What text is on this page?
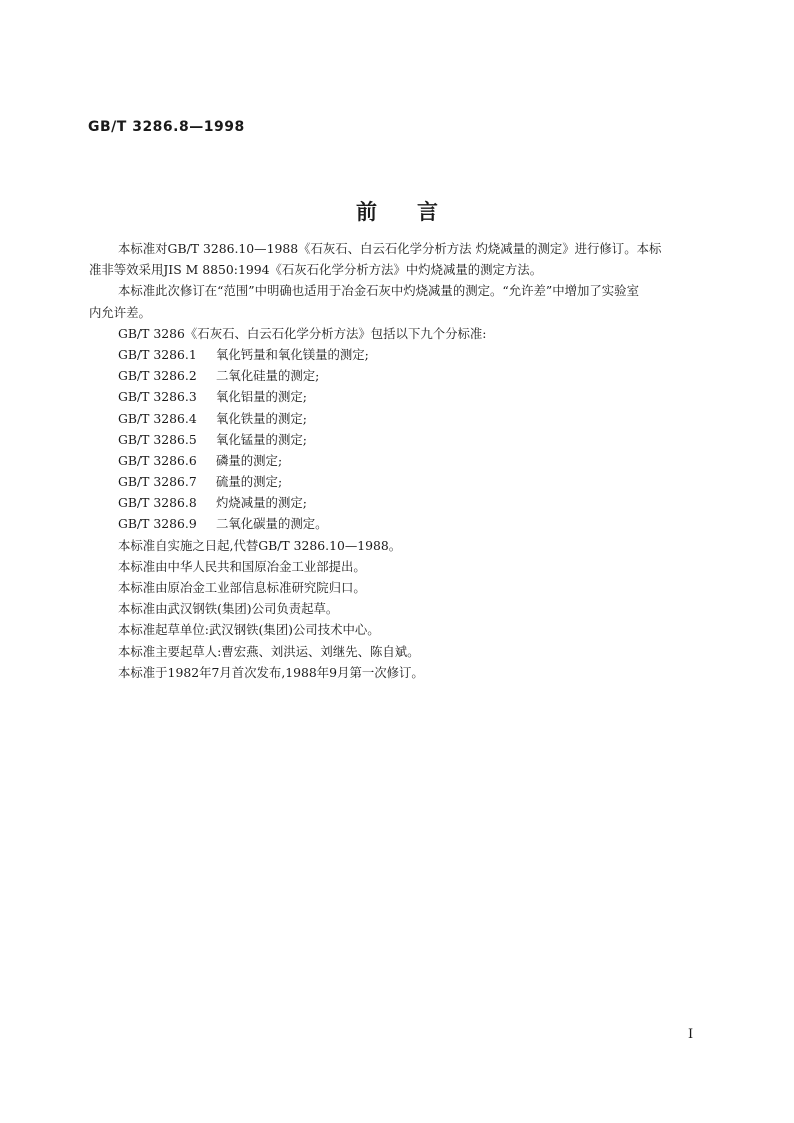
GB/T 3286.8—1998
前言
本标准对GB/T 3286.10—1988《石灰石、白云石化学分析方法 灼烧减量的测定》进行修订。本标
准非等效采用JIS M 8850:1994《石灰石化学分析方法》中灼烧减量的测定方法。
本标准此次修订在“范围”中明确也适用于冶金石灰中灼烧减量的测定。“允许差”中增加了实验室
内允许差。
GB/T 3286《石灰石、白云石化学分析方法》包括以下九个分标准:
GB/T 3286.1 氧化钙量和氧化镁量的测定;
GB/T 3286.2 二氧化硅量的测定;
GB/T 3286.3 氧化铝量的测定;
GB/T 3286.4 氧化铁量的测定;
GB/T 3286.5 氧化锰量的测定;
GB/T 3286.6 磷量的测定;
GB/T 3286.7 硫量的测定;
GB/T 3286.8 灼烧减量的测定;
GB/T 3286.9 二氧化碳量的测定。
本标准自实施之日起,代替GB/T 3286.10—1988。
本标准由中华人民共和国原冶金工业部提出。
本标准由原冶金工业部信息标准研究院归口。
本标准由武汉钢铁(集团)公司负责起草。
本标准起草单位:武汉钢铁(集团)公司技术中心。
本标准主要起草人:曹宏燕、刘洪运、刘继先、陈自斌。
本标准于1982年7月首次发布,1988年9月第一次修订。
I
